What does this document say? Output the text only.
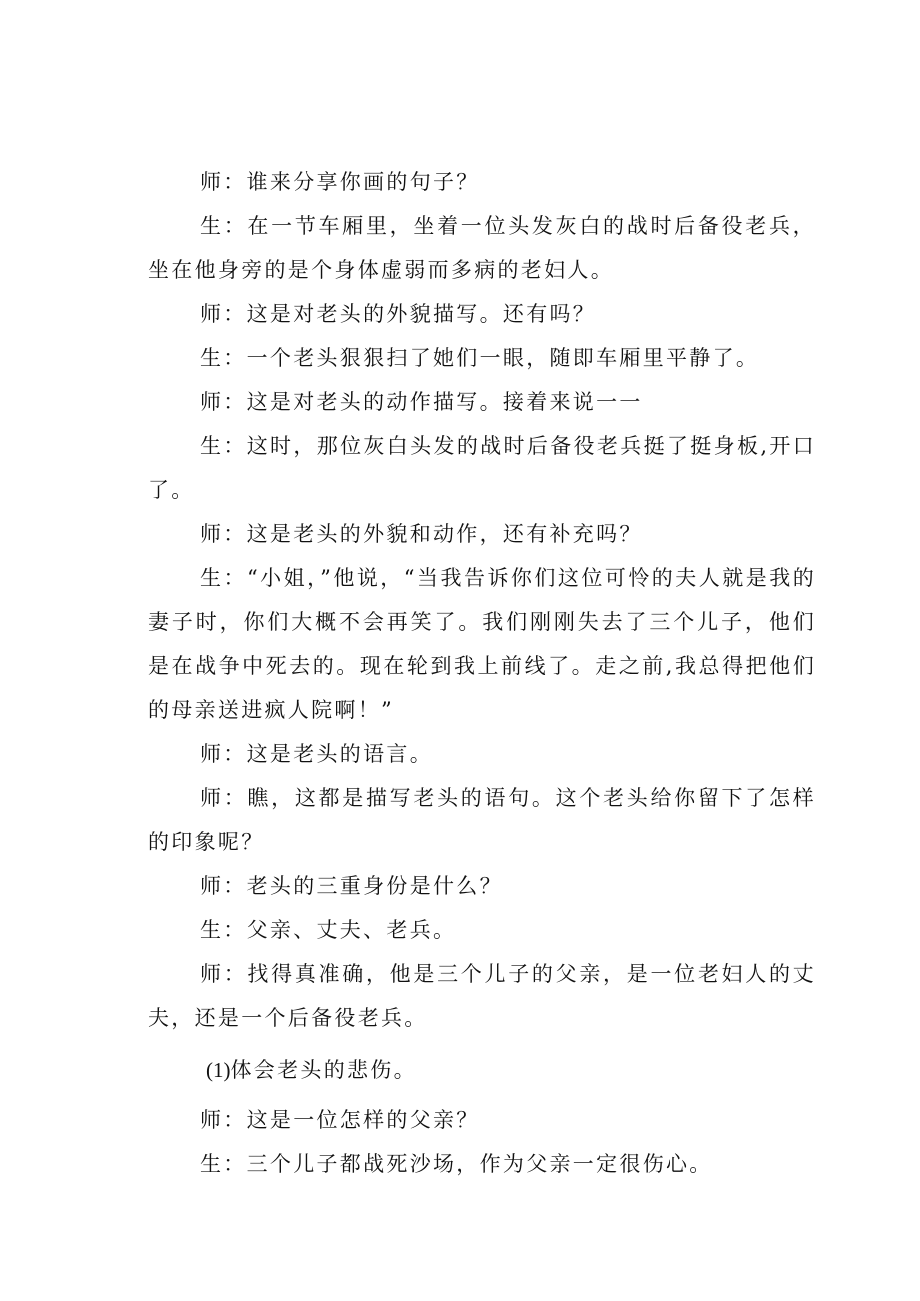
师：谁来分享你画的句子？

生：在一节车厢里，坐着一位头发灰白的战时后备役老兵，坐在他身旁的是个身体虚弱而多病的老妇人。

师：这是对老头的外貌描写。还有吗？

生：一个老头狠狠扫了她们一眼，随即车厢里平静了。

师：这是对老头的动作描写。接着来说一一

生：这时，那位灰白头发的战时后备役老兵挺了挺身板,开口了。

师：这是老头的外貌和动作，还有补充吗？

生：“小姐，”他说，“当我告诉你们这位可怜的夫人就是我的妻子时，你们大概不会再笑了。我们刚刚失去了三个儿子，他们是在战争中死去的。现在轮到我上前线了。走之前,我总得把他们的母亲送进疯人院啊！”

师：这是老头的语言。

师：瞧，这都是描写老头的语句。这个老头给你留下了怎样的印象呢？

师：老头的三重身份是什么？

生：父亲、丈夫、老兵。

师：找得真准确，他是三个儿子的父亲，是一位老妇人的丈夫，还是一个后备役老兵。

(1)体会老头的悲伤。

师：这是一位怎样的父亲？

生：三个儿子都战死沙场，作为父亲一定很伤心。
